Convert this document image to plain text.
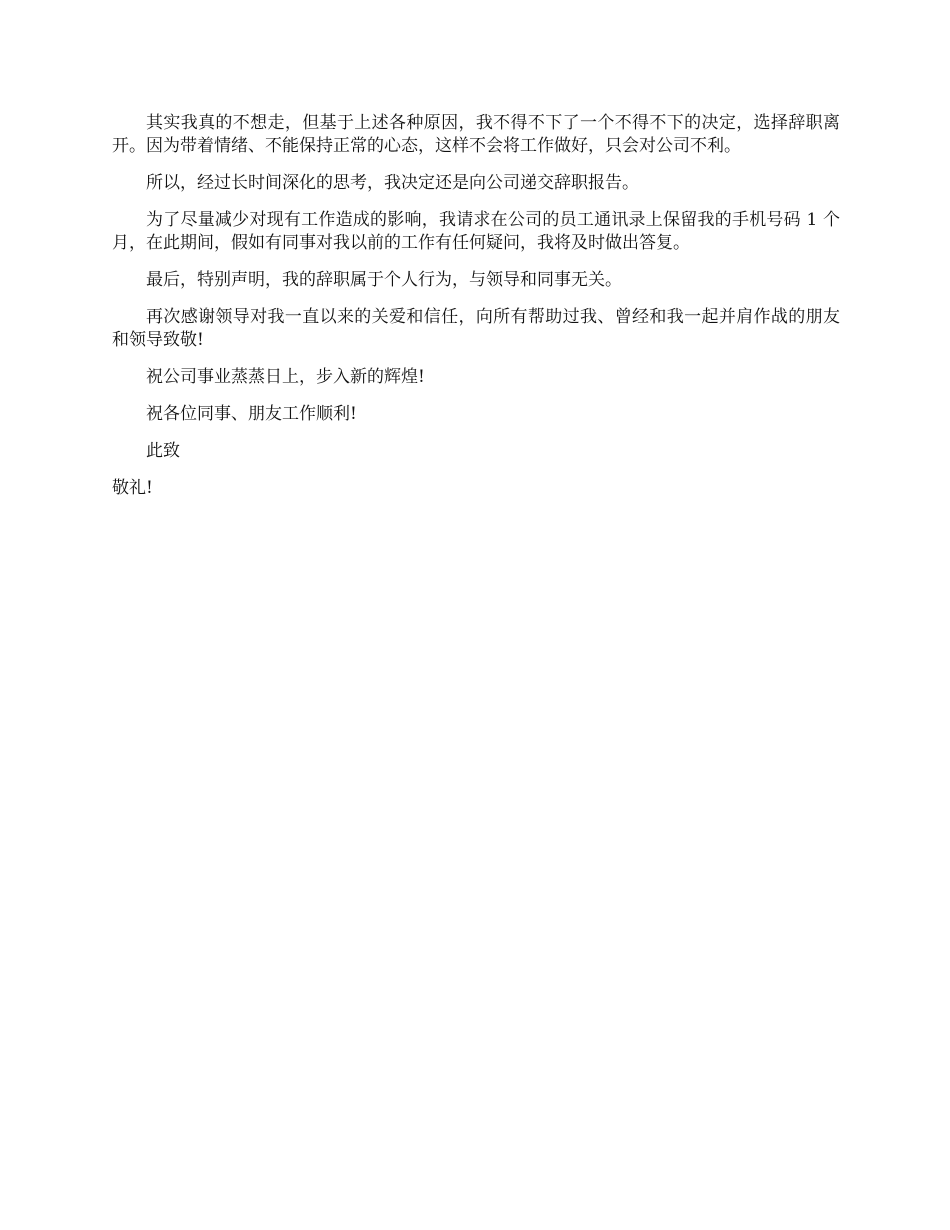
其实我真的不想走，但基于上述各种原因，我不得不下了一个不得不下的决定，选择辞职离开。因为带着情绪、不能保持正常的心态，这样不会将工作做好，只会对公司不利。

所以，经过长时间深化的思考，我决定还是向公司递交辞职报告。

为了尽量减少对现有工作造成的影响，我请求在公司的员工通讯录上保留我的手机号码 1 个月，在此期间，假如有同事对我以前的工作有任何疑问，我将及时做出答复。

最后，特别声明，我的辞职属于个人行为，与领导和同事无关。

再次感谢领导对我一直以来的关爱和信任，向所有帮助过我、曾经和我一起并肩作战的朋友和领导致敬!

祝公司事业蒸蒸日上，步入新的辉煌!

祝各位同事、朋友工作顺利!

此致

敬礼!
